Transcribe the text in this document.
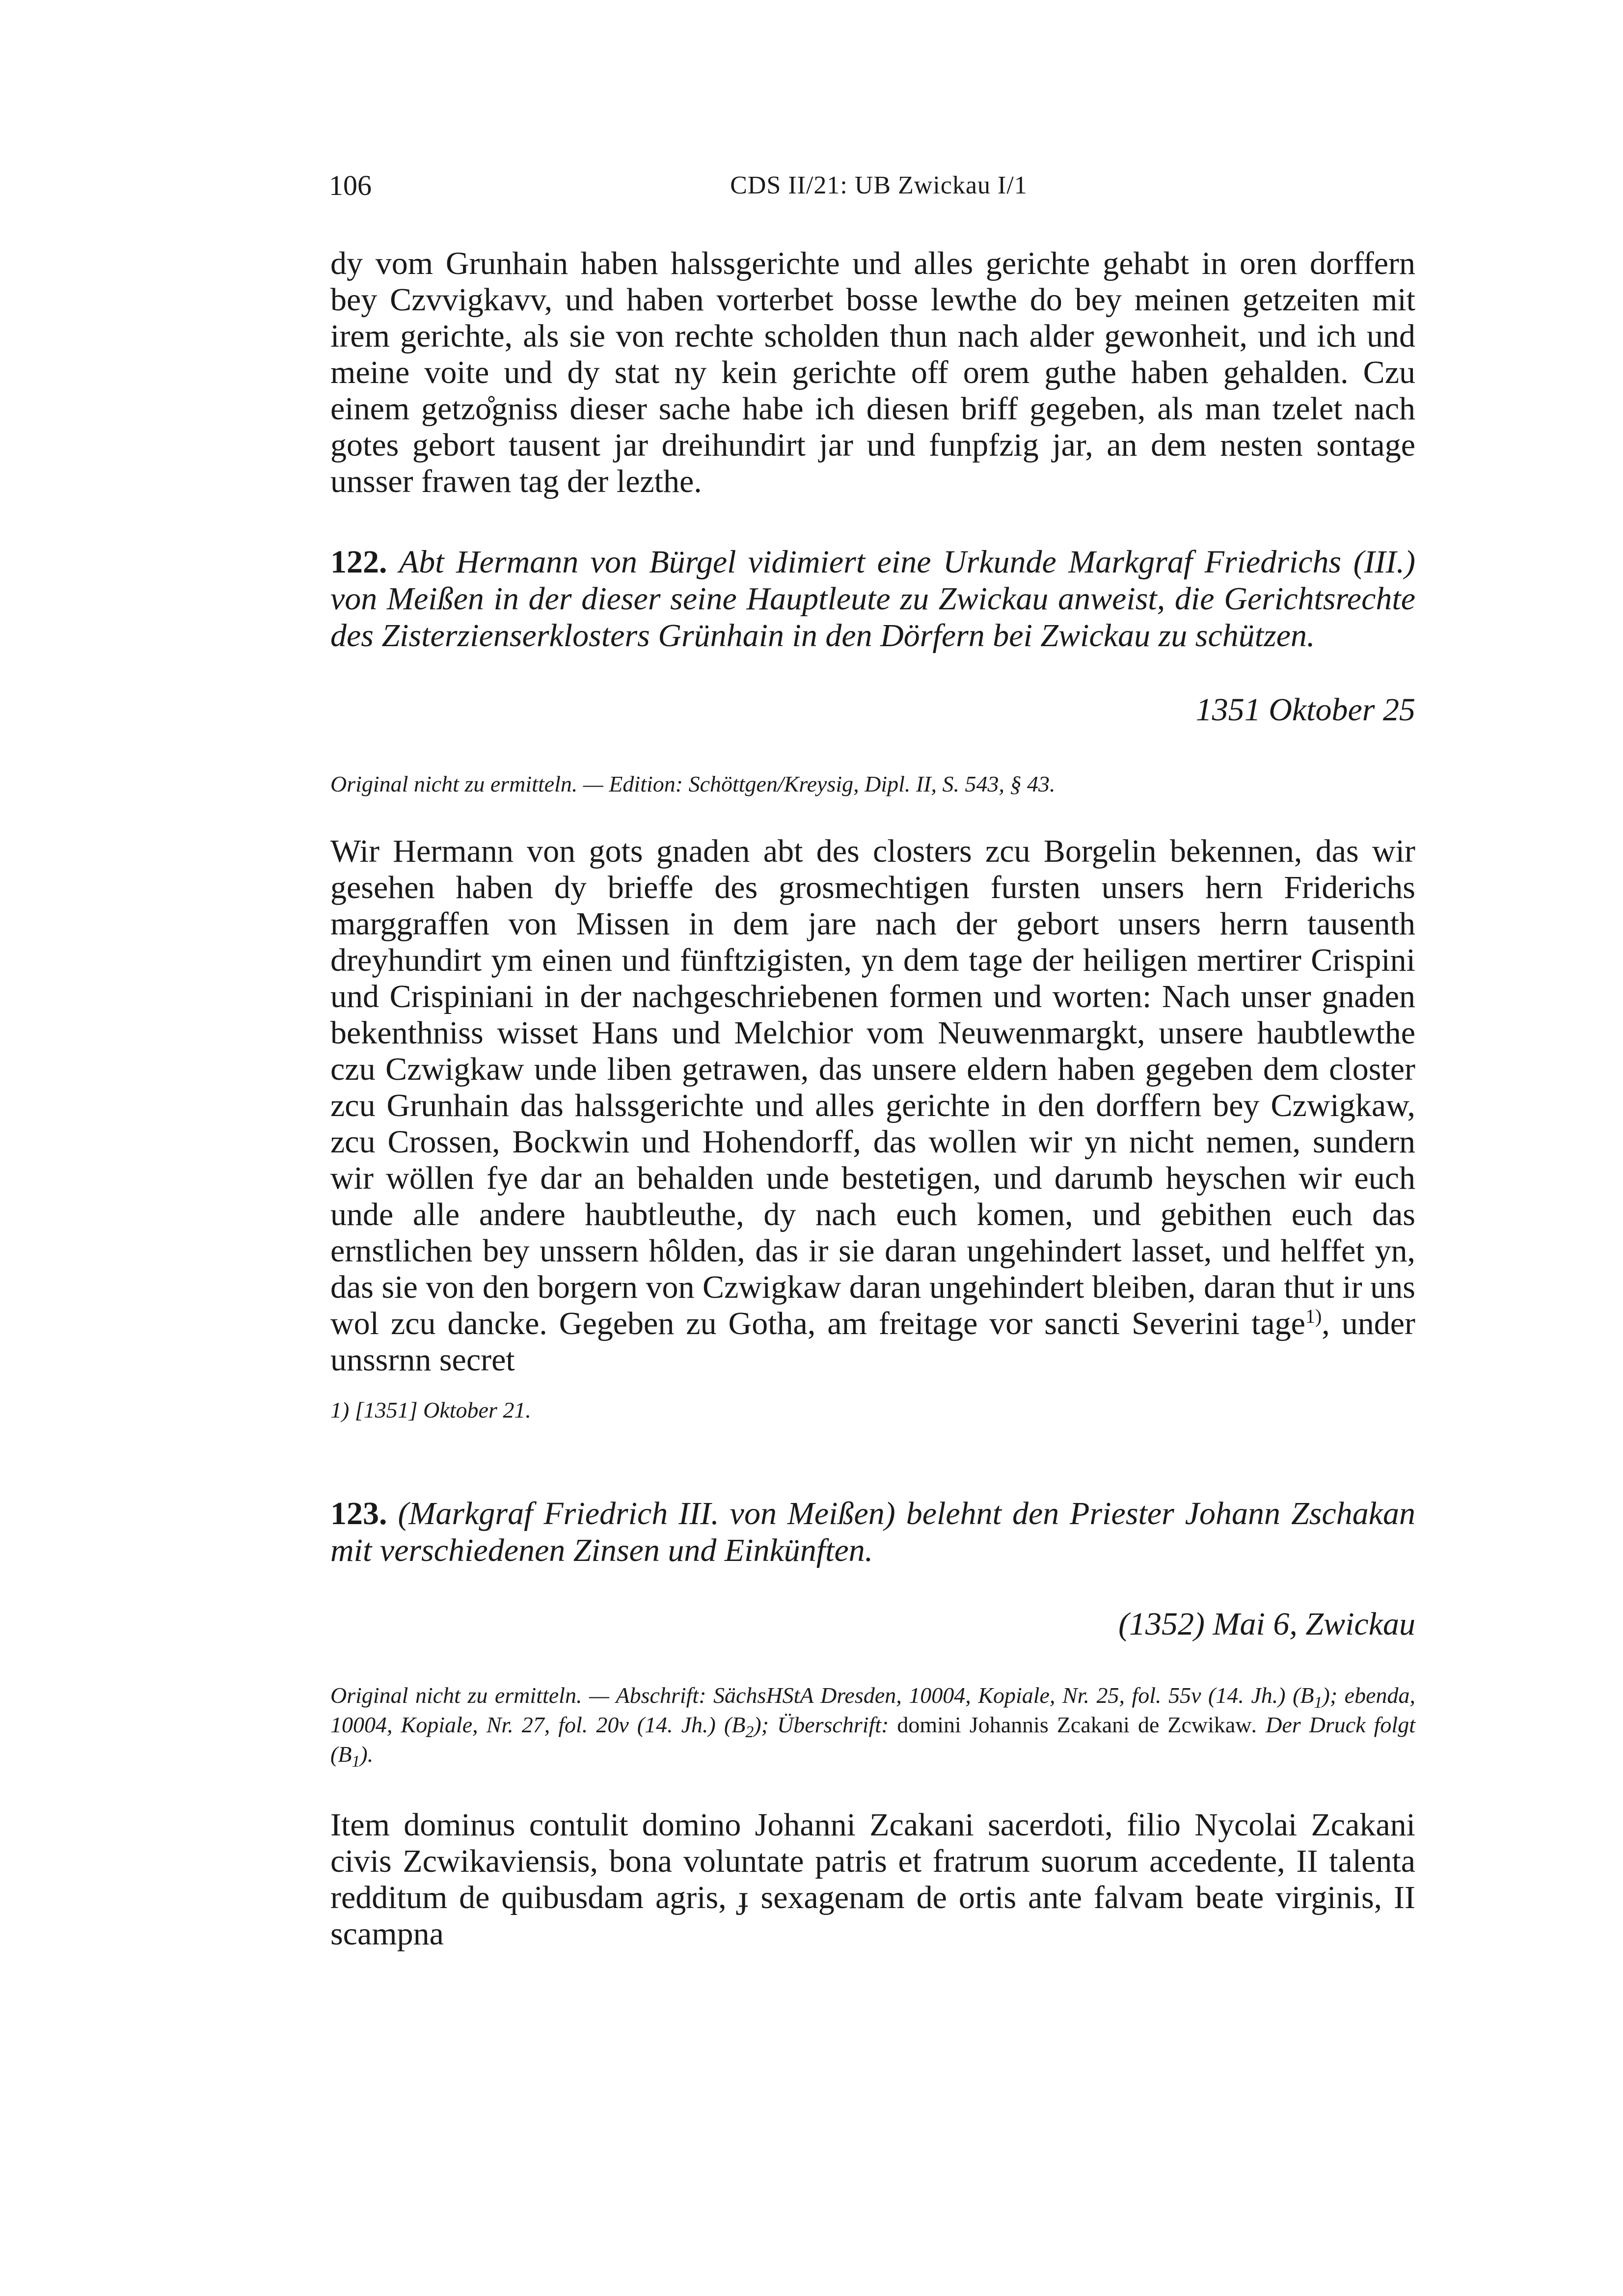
106	CDS II/21: UB Zwickau I/1
dy vom Grunhain haben halssgerichte und alles gerichte gehabt in oren dorffern bey Czvvigkavv, und haben vorterbet bosse lewthe do bey meinen getzeiten mit irem gerichte, als sie von rechte scholden thun nach alder gewonheit, und ich und meine voite und dy stat ny kein gerichte off orem guthe haben gehalden. Czu einem getzo̊gniss dieser sache habe ich diesen briff gegeben, als man tzelet nach gotes gebort tausent jar dreihundirt jar und funpfzig jar, an dem nesten sontage unsser frawen tag der lezthe.
122. Abt Hermann von Bürgel vidimiert eine Urkunde Markgraf Friedrichs (III.) von Meißen in der dieser seine Hauptleute zu Zwickau anweist, die Gerichtsrechte des Zisterzienserklosters Grünhain in den Dörfern bei Zwickau zu schützen.
1351 Oktober 25
Original nicht zu ermitteln. — Edition: Schöttgen/Kreysig, Dipl. II, S. 543, § 43.
Wir Hermann von gots gnaden abt des closters zcu Borgelin bekennen, das wir gesehen haben dy brieffe des grosmechtigen fursten unsers hern Friderichs marggraffen von Missen in dem jare nach der gebort unsers herrn tausenth dreyhundirt ym einen und fünftzigisten, yn dem tage der heiligen mertirer Crispini und Crispiniani in der nachgeschriebenen formen und worten: Nach unser gnaden bekenthniss wisset Hans und Melchior vom Neuwenmargkt, unsere haubtlewthe czu Czwigkaw unde liben getrawen, das unsere eldern haben gegeben dem closter zcu Grunhain das halssgerichte und alles gerichte in den dorffern bey Czwigkaw, zcu Crossen, Bockwin und Hohendorff, das wollen wir yn nicht nemen, sundern wir wöllen fye dar an behalden unde bestetigen, und darumb heyschen wir euch unde alle andere haubtleuthe, dy nach euch komen, und gebithen euch das ernstlichen bey unssern hôlden, das ir sie daran ungehindert lasset, und helffet yn, das sie von den borgern von Czwigkaw daran ungehindert bleiben, daran thut ir uns wol zcu dancke. Gegeben zu Gotha, am freitage vor sancti Severini tage$^{1)}$, under unssrnn secret
1) [1351] Oktober 21.
123. (Markgraf Friedrich III. von Meißen) belehnt den Priester Johann Zschakan mit verschiedenen Zinsen und Einkünften.
(1352) Mai 6, Zwickau
Original nicht zu ermitteln. — Abschrift: SächsHStA Dresden, 10004, Kopiale, Nr. 25, fol. 55v (14. Jh.) $(B_1)$; ebenda, 10004, Kopiale, Nr. 27, fol. 20v (14. Jh.) $(B_2)$; Überschrift: domini Johannis Zcakani de Zcwikaw. Der Druck folgt $(B_1)$.
Item dominus contulit domino Johanni Zcakani sacerdoti, filio Nycolai Zcakani civis Zcwikaviensis, bona voluntate patris et fratrum suorum accedente, II talenta redditum de quibusdam agris, ɟ sexagenam de ortis ante falvam beate virginis, II scampna
